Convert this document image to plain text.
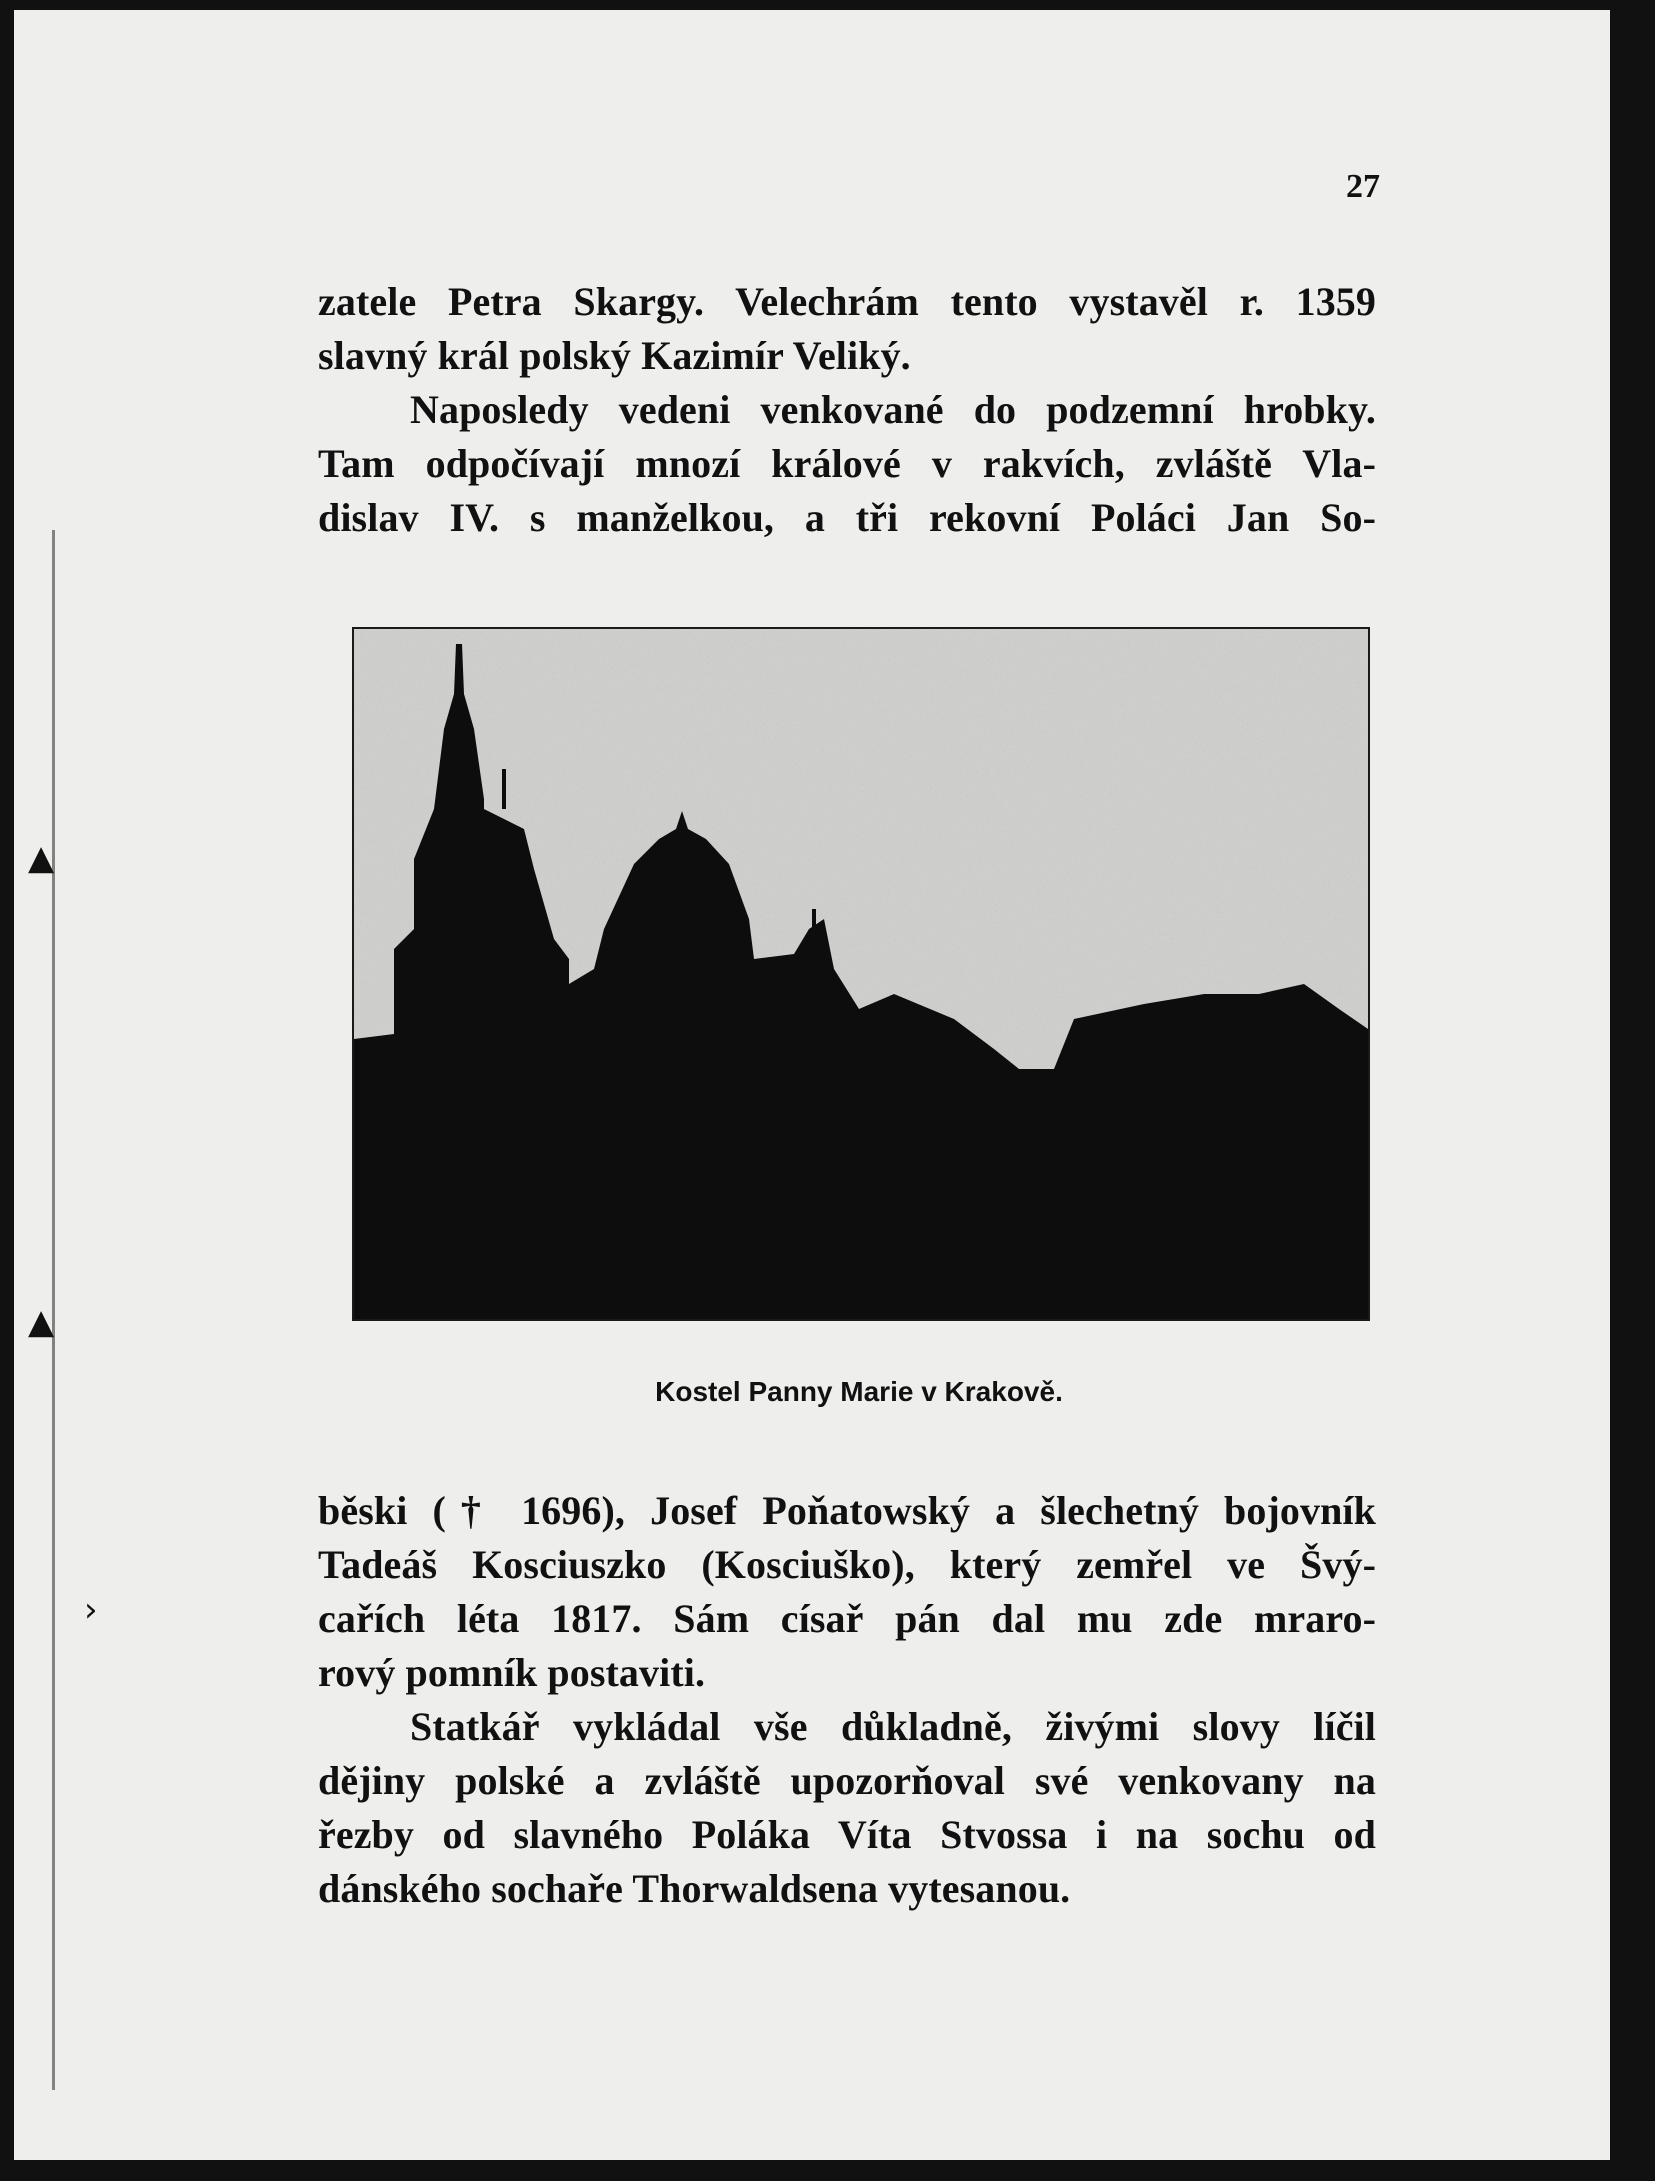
27

zatele Petra Skargy. Velechrám tento vystavěl r. 1359

slavný král polský Kazimír Veliký.

Naposledy vedeni venkované do podzemní hrobky.

Tam odpočívají mnozí králové v rakvích, zvláště Vla-

dislav IV. s manželkou, a tři rekovní Poláci Jan So-

Kostel Panny Marie v Krakově.

běski († 1696), Josef Poňatowský a šlechetný bojovník

Tadeáš Kosciuszko (Kosciuško), který zemřel ve Švý-

cařích léta 1817. Sám císař pán dal mu zde mraro-

rový pomník postaviti.

Statkář vykládal vše důkladně, živými slovy líčil

dějiny polské a zvláště upozorňoval své venkovany na

řezby od slavného Poláka Víta Stvossa i na sochu od

dánského sochaře Thorwaldsena vytesanou.

▲
▲
›
